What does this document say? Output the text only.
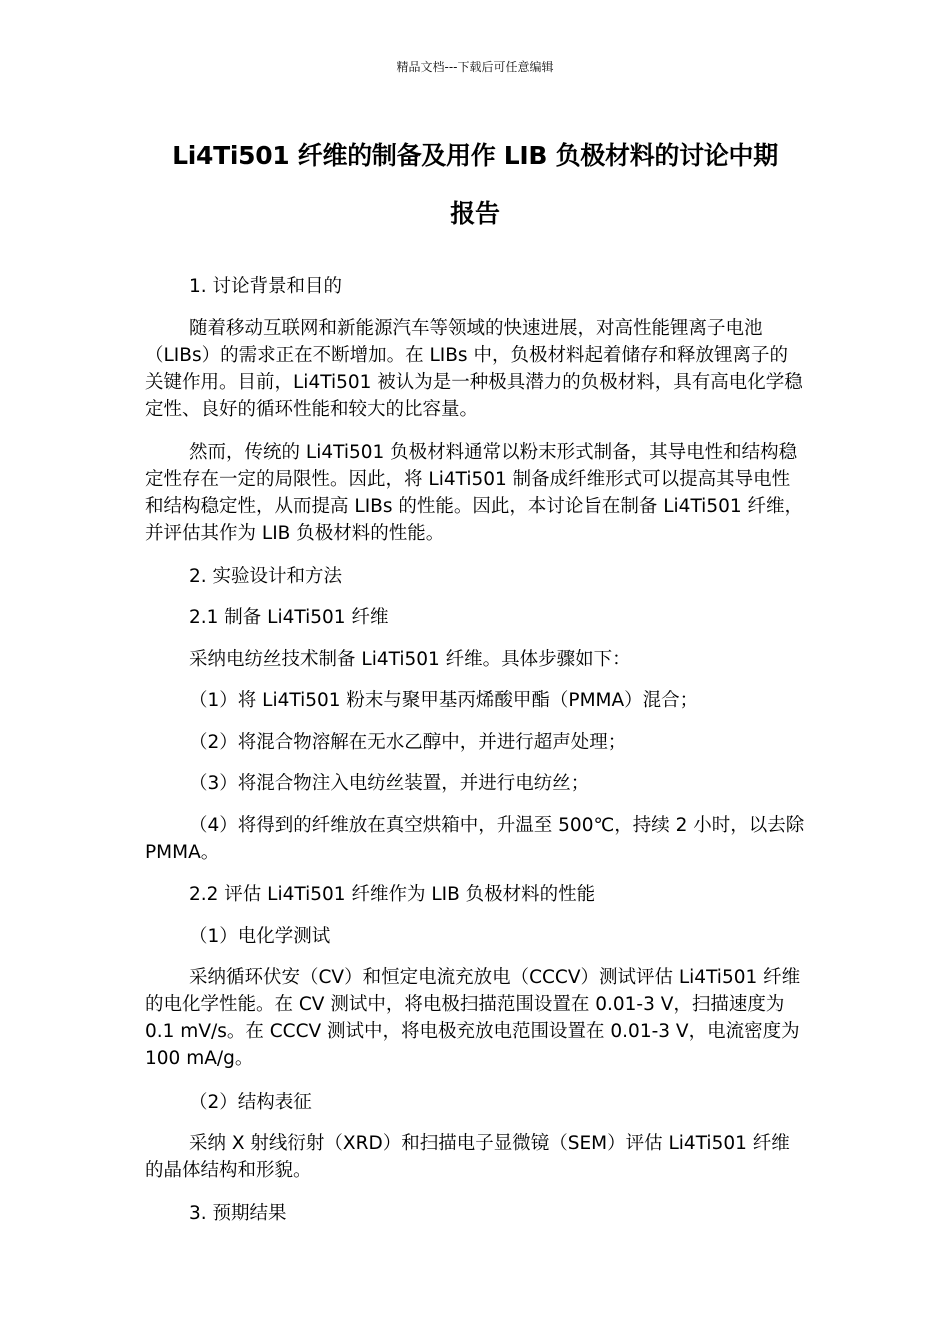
精品文档---下载后可任意编辑
Li4Ti501 纤维的制备及用作 LIB 负极材料的讨论中期
报告

1. 讨论背景和目的

随着移动互联网和新能源汽车等领域的快速进展，对高性能锂离子电池（LIBs）的需求正在不断增加。在 LIBs 中，负极材料起着储存和释放锂离子的关键作用。目前，Li4Ti501 被认为是一种极具潜力的负极材料，具有高电化学稳定性、良好的循环性能和较大的比容量。

然而，传统的 Li4Ti501 负极材料通常以粉末形式制备，其导电性和结构稳定性存在一定的局限性。因此，将 Li4Ti501 制备成纤维形式可以提高其导电性和结构稳定性，从而提高 LIBs 的性能。因此，本讨论旨在制备 Li4Ti501 纤维，并评估其作为 LIB 负极材料的性能。

2. 实验设计和方法

2.1 制备 Li4Ti501 纤维

采纳电纺丝技术制备 Li4Ti501 纤维。具体步骤如下：

（1）将 Li4Ti501 粉末与聚甲基丙烯酸甲酯（PMMA）混合；

（2）将混合物溶解在无水乙醇中，并进行超声处理；

（3）将混合物注入电纺丝装置，并进行电纺丝；

（4）将得到的纤维放在真空烘箱中，升温至 500℃，持续 2 小时，以去除 PMMA。

2.2 评估 Li4Ti501 纤维作为 LIB 负极材料的性能

（1）电化学测试

采纳循环伏安（CV）和恒定电流充放电（CCCV）测试评估 Li4Ti501 纤维的电化学性能。在 CV 测试中，将电极扫描范围设置在 0.01-3 V，扫描速度为 0.1 mV/s。在 CCCV 测试中，将电极充放电范围设置在 0.01-3 V，电流密度为 100 mA/g。

（2）结构表征

采纳 X 射线衍射（XRD）和扫描电子显微镜（SEM）评估 Li4Ti501 纤维的晶体结构和形貌。

3. 预期结果
